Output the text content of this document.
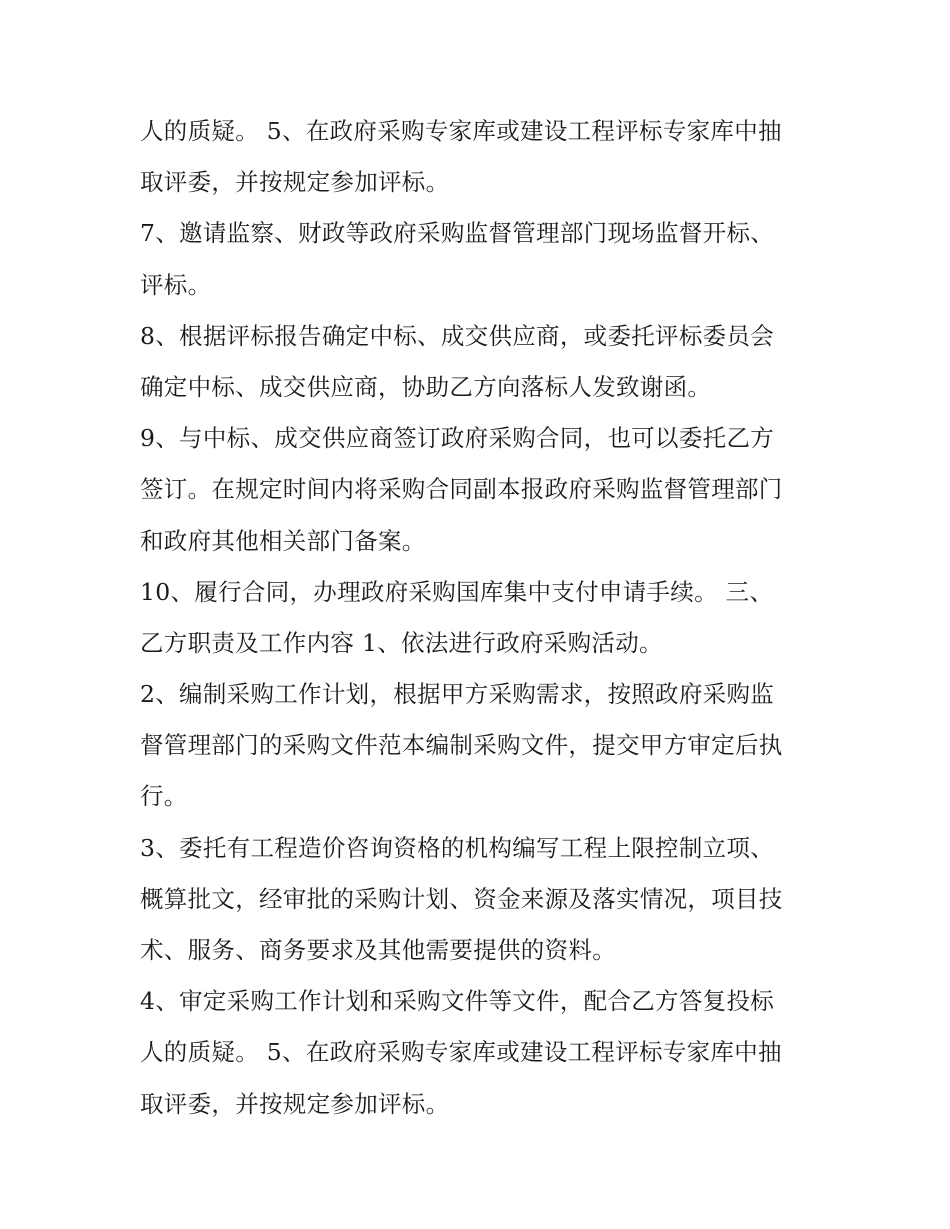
人的质疑。 5、在政府采购专家库或建设工程评标专家库中抽
取评委，并按规定参加评标。
7、邀请监察、财政等政府采购监督管理部门现场监督开标、
评标。
8、根据评标报告确定中标、成交供应商，或委托评标委员会
确定中标、成交供应商，协助乙方向落标人发致谢函。
9、与中标、成交供应商签订政府采购合同，也可以委托乙方
签订。在规定时间内将采购合同副本报政府采购监督管理部门
和政府其他相关部门备案。
10、履行合同，办理政府采购国库集中支付申请手续。 三、
乙方职责及工作内容 1、依法进行政府采购活动。
2、编制采购工作计划，根据甲方采购需求，按照政府采购监
督管理部门的采购文件范本编制采购文件，提交甲方审定后执
行。
3、委托有工程造价咨询资格的机构编写工程上限控制立项、
概算批文，经审批的采购计划、资金来源及落实情况，项目技
术、服务、商务要求及其他需要提供的资料。
4、审定采购工作计划和采购文件等文件，配合乙方答复投标
人的质疑。 5、在政府采购专家库或建设工程评标专家库中抽
取评委，并按规定参加评标。
